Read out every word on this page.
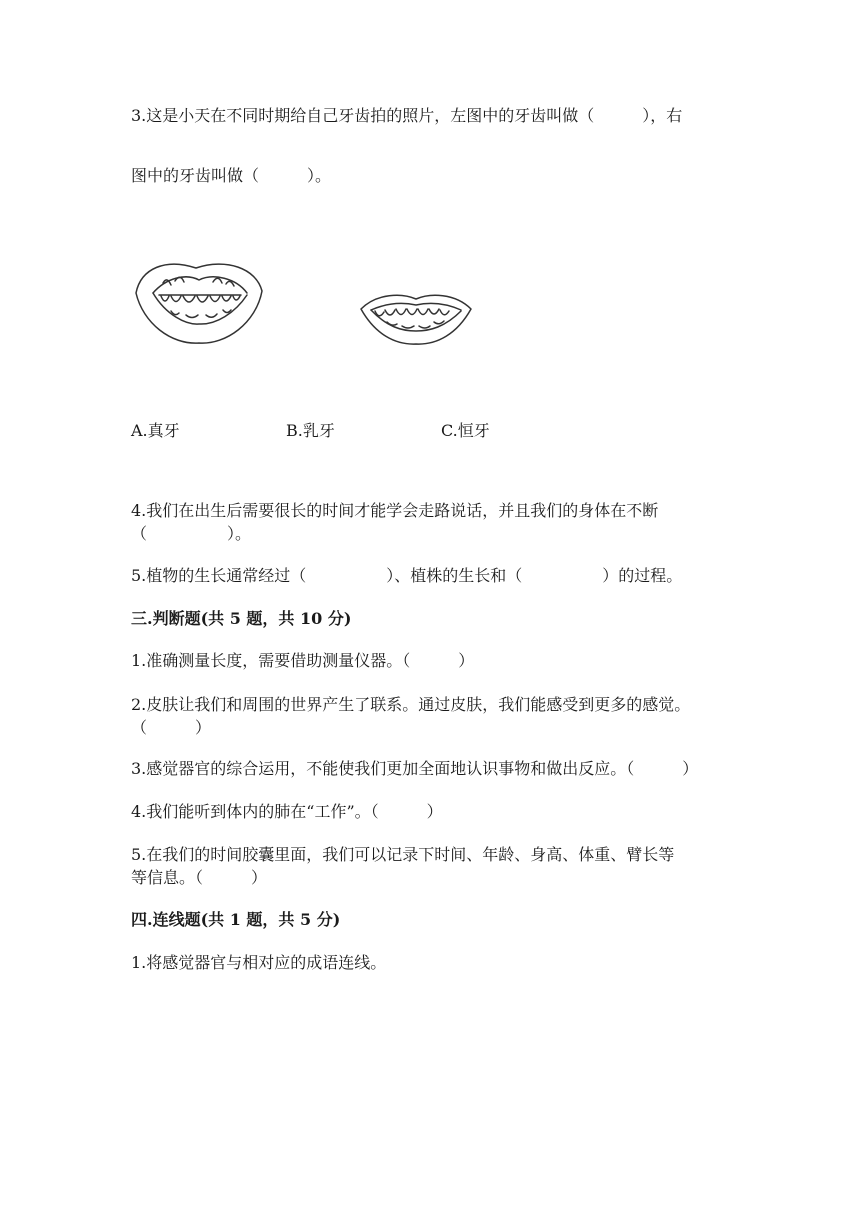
3.这是小天在不同时期给自己牙齿拍的照片，左图中的牙齿叫做（　　　），右
图中的牙齿叫做（　　　）。
A.真牙	B.乳牙	C.恒牙
4.我们在出生后需要很长的时间才能学会走路说话，并且我们的身体在不断
（　　　　　）。
5.植物的生长通常经过（　　　　　）、植株的生长和（　　　　　）的过程。
三.判断题(共 5 题，共 10 分)
1.准确测量长度，需要借助测量仪器。（　　　）
2.皮肤让我们和周围的世界产生了联系。通过皮肤，我们能感受到更多的感觉。
（　　　）
3.感觉器官的综合运用，不能使我们更加全面地认识事物和做出反应。（　　　）
4.我们能听到体内的肺在“工作”。（　　　）
5.在我们的时间胶囊里面，我们可以记录下时间、年龄、身高、体重、臂长等
等信息。（　　　）
四.连线题(共 1 题，共 5 分)
1.将感觉器官与相对应的成语连线。
